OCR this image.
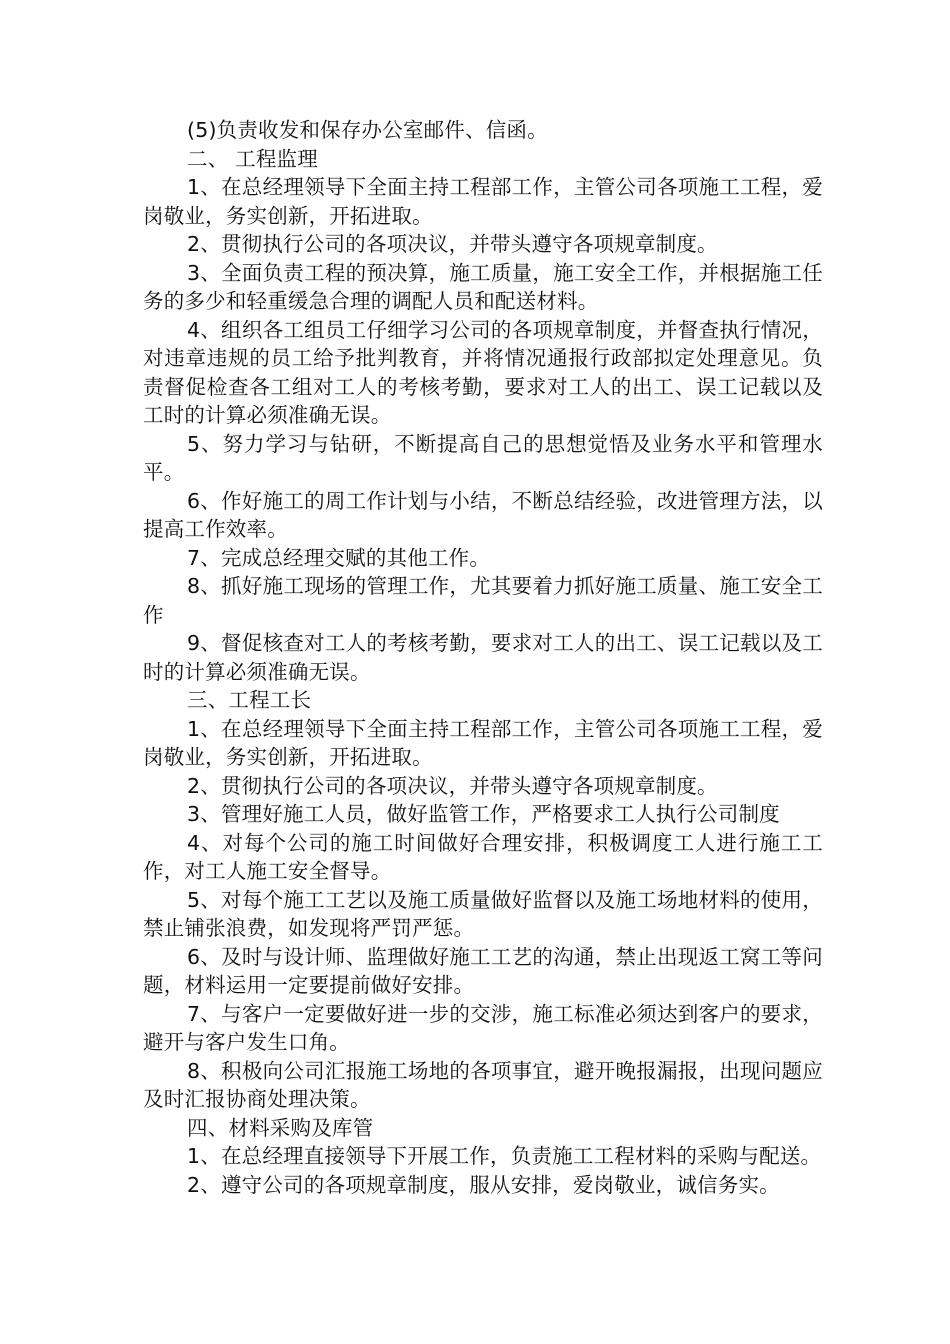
(5)负责收发和保存办公室邮件、信函。

二、 工程监理

1、在总经理领导下全面主持工程部工作，主管公司各项施工工程，爱岗敬业，务实创新，开拓进取。

2、贯彻执行公司的各项决议，并带头遵守各项规章制度。

3、全面负责工程的预决算，施工质量，施工安全工作，并根据施工任务的多少和轻重缓急合理的调配人员和配送材料。

4、组织各工组员工仔细学习公司的各项规章制度，并督查执行情况，对违章违规的员工给予批判教育，并将情况通报行政部拟定处理意见。负责督促检查各工组对工人的考核考勤，要求对工人的出工、误工记载以及工时的计算必须准确无误。

5、努力学习与钻研，不断提高自己的思想觉悟及业务水平和管理水平。

6、作好施工的周工作计划与小结，不断总结经验，改进管理方法，以提高工作效率。

7、完成总经理交赋的其他工作。

8、抓好施工现场的管理工作，尤其要着力抓好施工质量、施工安全工作

9、督促核查对工人的考核考勤，要求对工人的出工、误工记载以及工时的计算必须准确无误。

三、工程工长

1、在总经理领导下全面主持工程部工作，主管公司各项施工工程，爱岗敬业，务实创新，开拓进取。

2、贯彻执行公司的各项决议，并带头遵守各项规章制度。

3、管理好施工人员，做好监管工作，严格要求工人执行公司制度

4、对每个公司的施工时间做好合理安排，积极调度工人进行施工工作，对工人施工安全督导。

5、对每个施工工艺以及施工质量做好监督以及施工场地材料的使用，禁止铺张浪费，如发现将严罚严惩。

6、及时与设计师、监理做好施工工艺的沟通，禁止出现返工窝工等问题，材料运用一定要提前做好安排。

7、与客户一定要做好进一步的交涉，施工标准必须达到客户的要求，避开与客户发生口角。

8、积极向公司汇报施工场地的各项事宜，避开晚报漏报，出现问题应及时汇报协商处理决策。

四、材料采购及库管

1、在总经理直接领导下开展工作，负责施工工程材料的采购与配送。

2、遵守公司的各项规章制度，服从安排，爱岗敬业，诚信务实。
